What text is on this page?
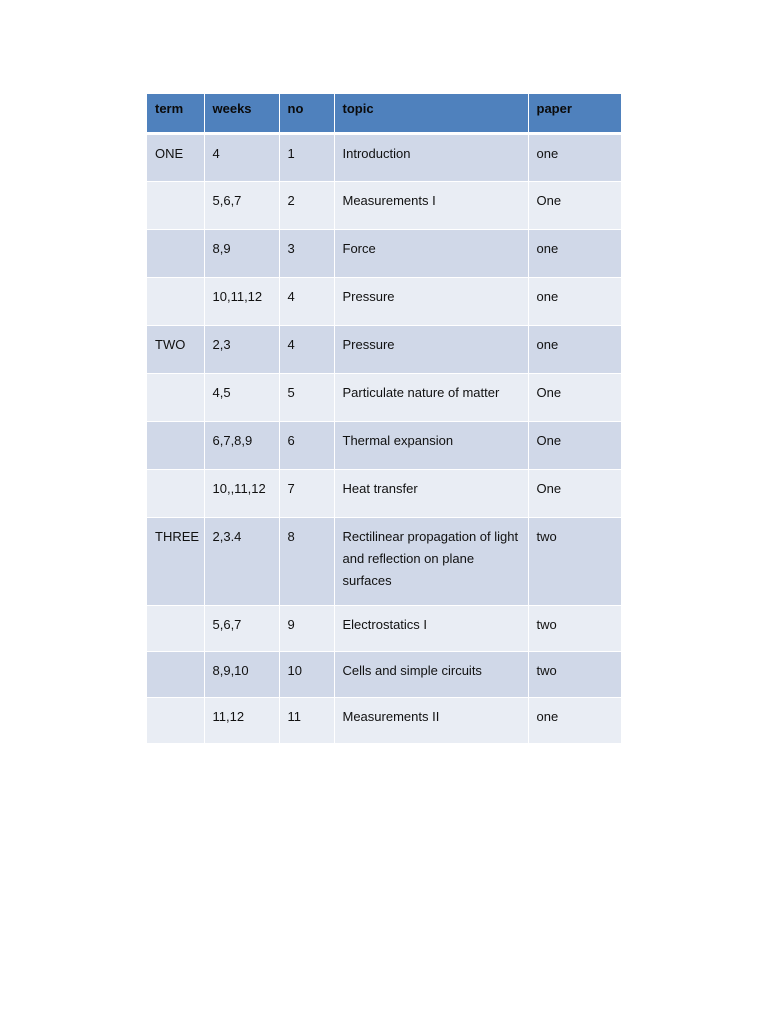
term	weeks	no	topic	paper
ONE	4	1	Introduction	one
	5,6,7	2	Measurements I	One
	8,9	3	Force	one
	10,11,12	4	Pressure	one
TWO	2,3	4	Pressure	one
	4,5	5	Particulate nature of matter	One
	6,7,8,9	6	Thermal expansion	One
	10,,11,12	7	Heat transfer	One
THREE	2,3.4	8	Rectilinear propagation of light and reflection on plane surfaces	two
	5,6,7	9	Electrostatics I	two
	8,9,10	10	Cells and simple circuits	two
	11,12	11	Measurements II	one
